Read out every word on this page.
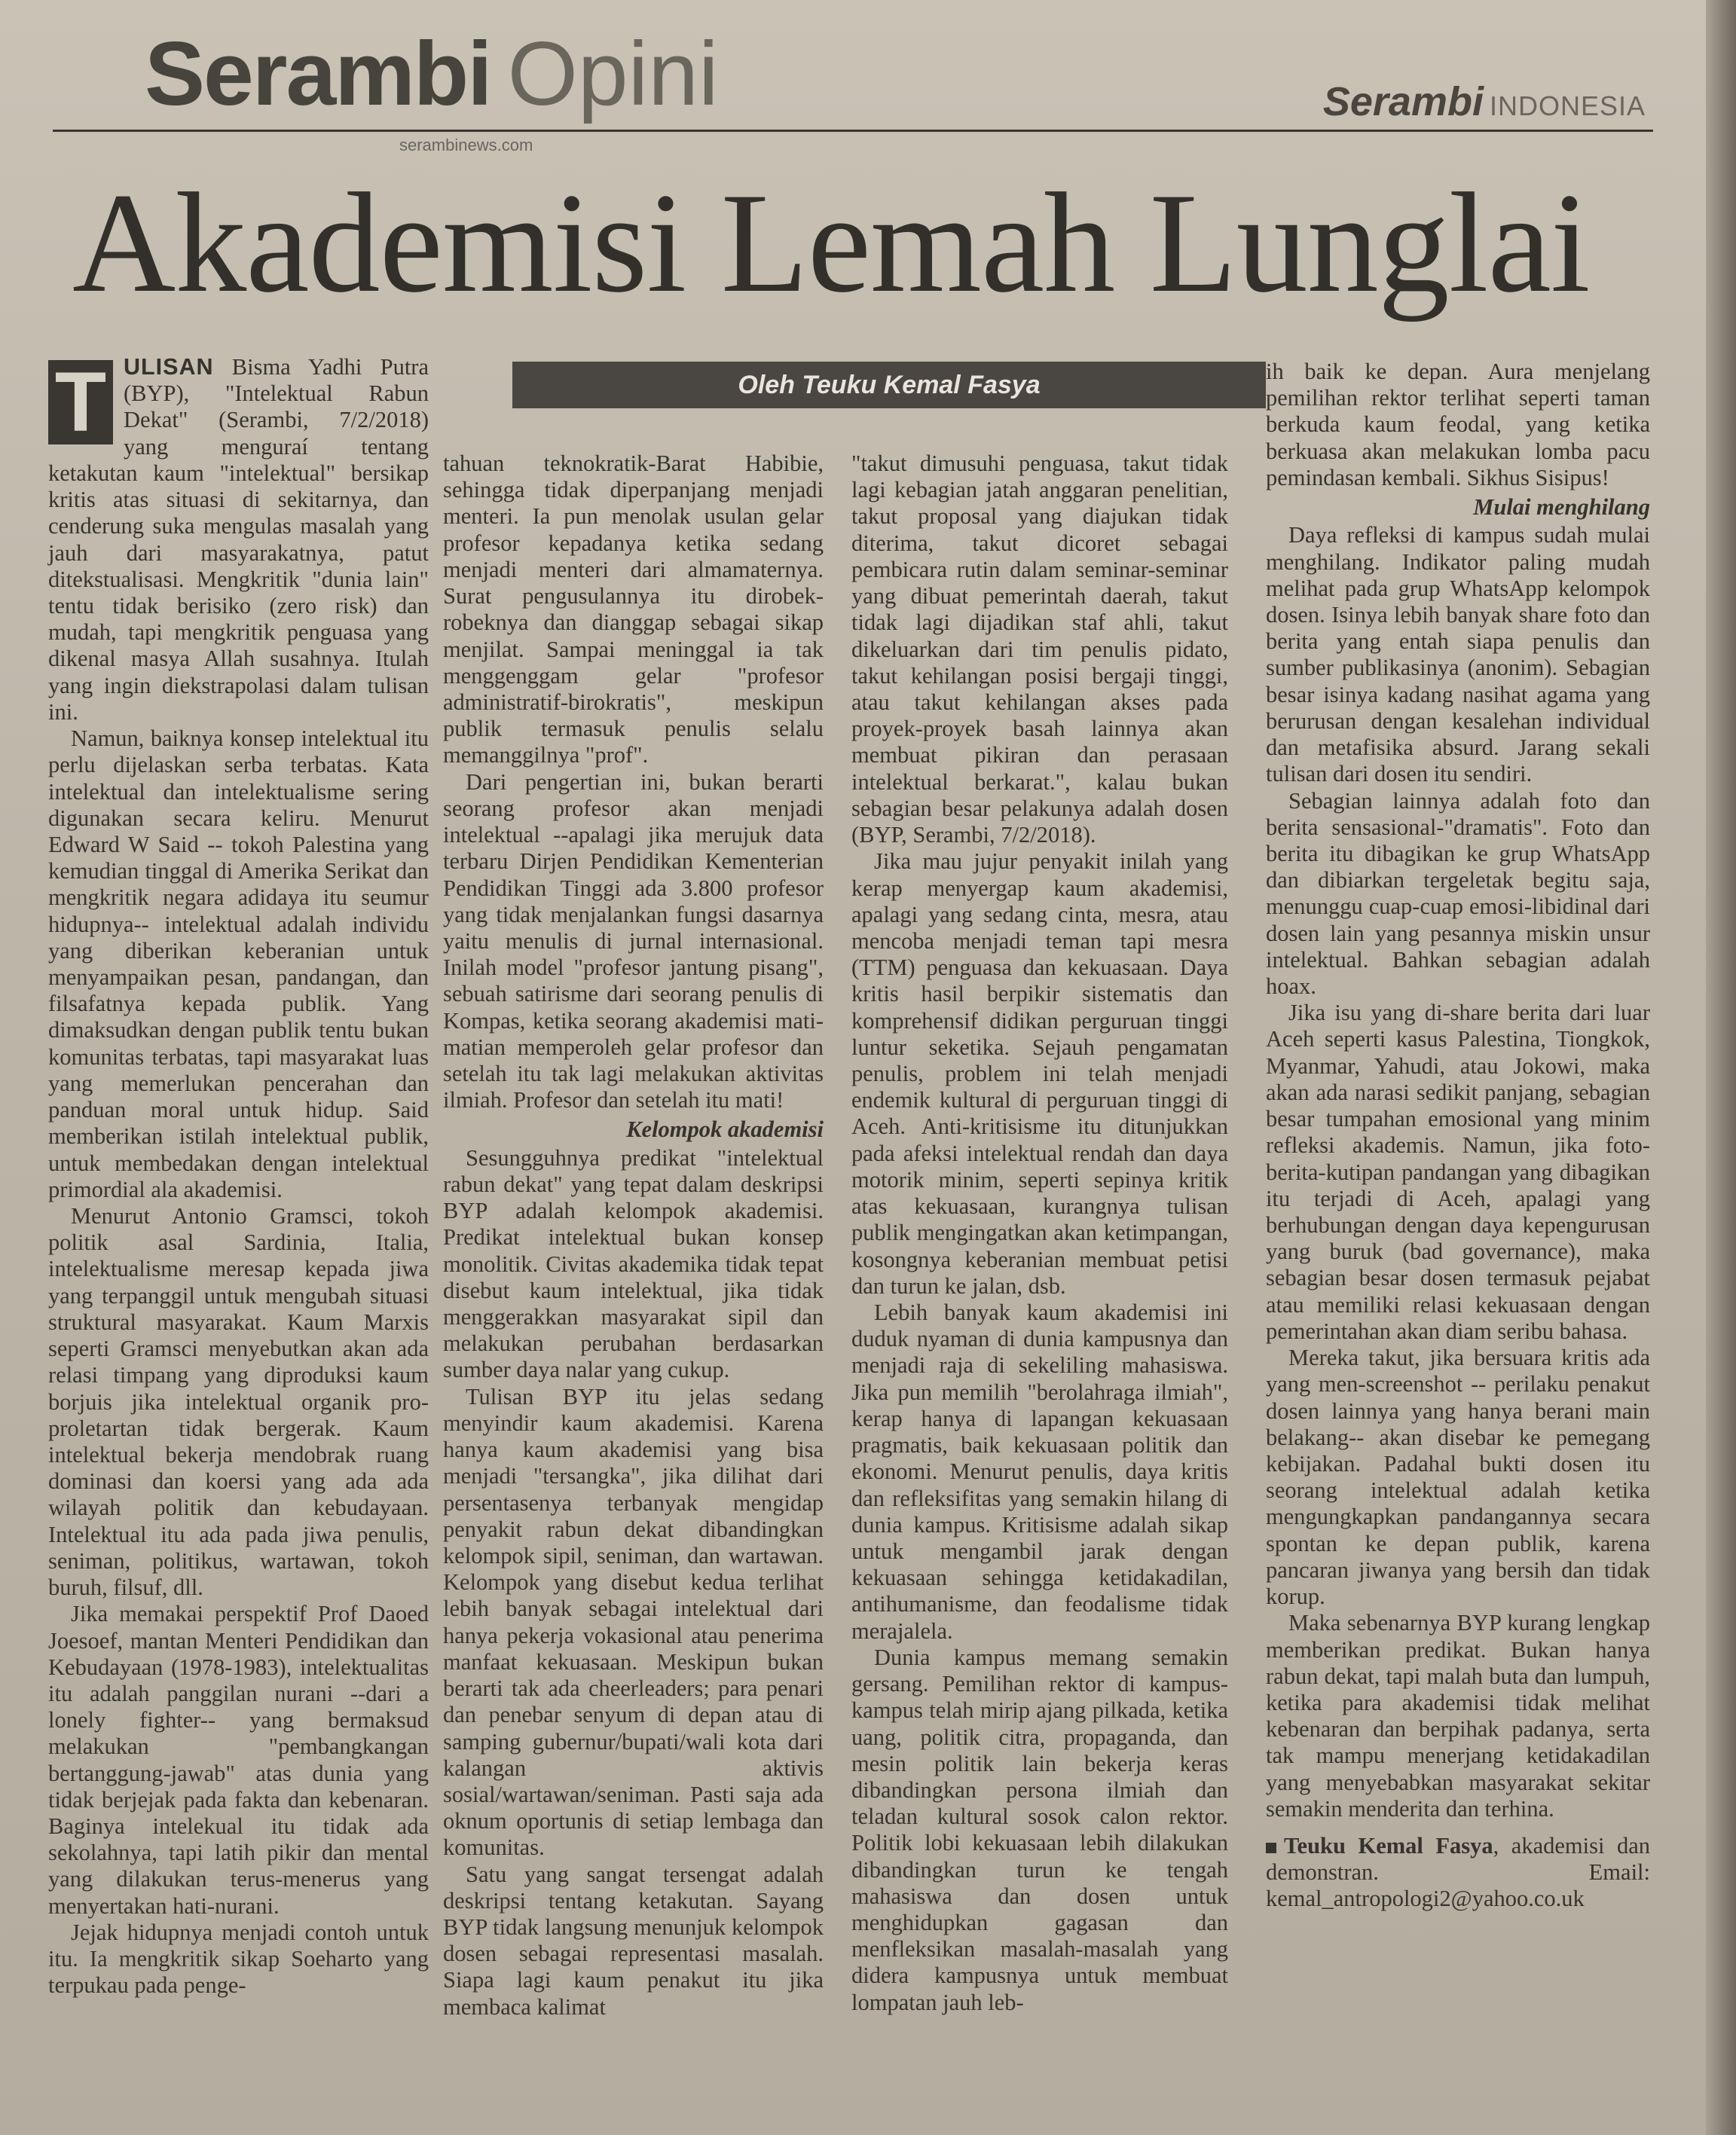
Serambi Opini
serambinews.com
Serambi INDONESIA
Akademisi Lemah Lunglai
Oleh Teuku Kemal Fasya

T ULISAN Bisma Yadhi Putra (BYP), "Intelektual Rabun Dekat" (Serambi, 7/2/2018) yang menguraí tentang ketakutan kaum "intelektual" bersikap kritis atas situasi di sekitarnya, dan cenderung suka mengulas masalah yang jauh dari masyarakatnya, patut ditekstualisasi. Mengkritik "dunia lain" tentu tidak berisiko (zero risk) dan mudah, tapi mengkritik penguasa yang dikenal masya Allah susahnya. Itulah yang ingin diekstrapolasi dalam tulisan ini.

Namun, baiknya konsep intelektual itu perlu dijelaskan serba terbatas. Kata intelektual dan intelektualisme sering digunakan secara keliru. Menurut Edward W Said -- tokoh Palestina yang kemudian tinggal di Amerika Serikat dan mengkritik negara adidaya itu seumur hidupnya-- intelektual adalah individu yang diberikan keberanian untuk menyampaikan pesan, pandangan, dan filsafatnya kepada publik. Yang dimaksudkan dengan publik tentu bukan komunitas terbatas, tapi masyarakat luas yang memerlukan pencerahan dan panduan moral untuk hidup. Said memberikan istilah intelektual publik, untuk membedakan dengan intelektual primordial ala akademisi.

Menurut Antonio Gramsci, tokoh politik asal Sardinia, Italia, intelektualisme meresap kepada jiwa yang terpanggil untuk mengubah situasi struktural masyarakat. Kaum Marxis seperti Gramsci menyebutkan akan ada relasi timpang yang diproduksi kaum borjuis jika intelektual organik pro-proletartan tidak bergerak. Kaum intelektual bekerja mendobrak ruang dominasi dan koersi yang ada ada wilayah politik dan kebudayaan. Intelektual itu ada pada jiwa penulis, seniman, politikus, wartawan, tokoh buruh, filsuf, dll.

Jika memakai perspektif Prof Daoed Joesoef, mantan Menteri Pendidikan dan Kebudayaan (1978-1983), intelektualitas itu adalah panggilan nurani --dari a lonely fighter-- yang bermaksud melakukan "pembangkangan bertanggung-jawab" atas dunia yang tidak berjejak pada fakta dan kebenaran. Baginya intelekual itu tidak ada sekolahnya, tapi latih pikir dan mental yang dilakukan terus-menerus yang menyertakan hati-nurani.

Jejak hidupnya menjadi contoh untuk itu. Ia mengkritik sikap Soeharto yang terpukau pada penge-

tahuan teknokratik-Barat Habibie, sehingga tidak diperpanjang menjadi menteri. Ia pun menolak usulan gelar profesor kepadanya ketika sedang menjadi menteri dari almamaternya. Surat pengusulannya itu dirobek-robeknya dan dianggap sebagai sikap menjilat. Sampai meninggal ia tak menggenggam gelar "profesor administratif-birokratis", meskipun publik termasuk penulis selalu memanggilnya "prof".

Dari pengertian ini, bukan berarti seorang profesor akan menjadi intelektual --apalagi jika merujuk data terbaru Dirjen Pendidikan Kementerian Pendidikan Tinggi ada 3.800 profesor yang tidak menjalankan fungsi dasarnya yaitu menulis di jurnal internasional. Inilah model "profesor jantung pisang", sebuah satirisme dari seorang penulis di Kompas, ketika seorang akademisi mati-matian memperoleh gelar profesor dan setelah itu tak lagi melakukan aktivitas ilmiah. Profesor dan setelah itu mati!

Kelompok akademisi

Sesungguhnya predikat "intelektual rabun dekat" yang tepat dalam deskripsi BYP adalah kelompok akademisi. Predikat intelektual bukan konsep monolitik. Civitas akademika tidak tepat disebut kaum intelektual, jika tidak menggerakkan masyarakat sipil dan melakukan perubahan berdasarkan sumber daya nalar yang cukup.

Tulisan BYP itu jelas sedang menyindir kaum akademisi. Karena hanya kaum akademisi yang bisa menjadi "tersangka", jika dilihat dari persentasenya terbanyak mengidap penyakit rabun dekat dibandingkan kelompok sipil, seniman, dan wartawan. Kelompok yang disebut kedua terlihat lebih banyak sebagai intelektual dari hanya pekerja vokasional atau penerima manfaat kekuasaan. Meskipun bukan berarti tak ada cheerleaders; para penari dan penebar senyum di depan atau di samping gubernur/bupati/wali kota dari kalangan aktivis sosial/wartawan/seniman. Pasti saja ada oknum oportunis di setiap lembaga dan komunitas.

Satu yang sangat tersengat adalah deskripsi tentang ketakutan. Sayang BYP tidak langsung menunjuk kelompok dosen sebagai representasi masalah. Siapa lagi kaum penakut itu jika membaca kalimat

"takut dimusuhi penguasa, takut tidak lagi kebagian jatah anggaran penelitian, takut proposal yang diajukan tidak diterima, takut dicoret sebagai pembicara rutin dalam seminar-seminar yang dibuat pemerintah daerah, takut tidak lagi dijadikan staf ahli, takut dikeluarkan dari tim penulis pidato, takut kehilangan posisi bergaji tinggi, atau takut kehilangan akses pada proyek-proyek basah lainnya akan membuat pikiran dan perasaan intelektual berkarat.", kalau bukan sebagian besar pelakunya adalah dosen (BYP, Serambi, 7/2/2018).

Jika mau jujur penyakit inilah yang kerap menyergap kaum akademisi, apalagi yang sedang cinta, mesra, atau mencoba menjadi teman tapi mesra (TTM) penguasa dan kekuasaan. Daya kritis hasil berpikir sistematis dan komprehensif didikan perguruan tinggi luntur seketika. Sejauh pengamatan penulis, problem ini telah menjadi endemik kultural di perguruan tinggi di Aceh. Anti-kritisisme itu ditunjukkan pada afeksi intelektual rendah dan daya motorik minim, seperti sepinya kritik atas kekuasaan, kurangnya tulisan publik mengingatkan akan ketimpangan, kosongnya keberanian membuat petisi dan turun ke jalan, dsb.

Lebih banyak kaum akademisi ini duduk nyaman di dunia kampusnya dan menjadi raja di sekeliling mahasiswa. Jika pun memilih "berolahraga ilmiah", kerap hanya di lapangan kekuasaan pragmatis, baik kekuasaan politik dan ekonomi. Menurut penulis, daya kritis dan refleksifitas yang semakin hilang di dunia kampus. Kritisisme adalah sikap untuk mengambil jarak dengan kekuasaan sehingga ketidakadilan, antihumanisme, dan feodalisme tidak merajalela.

Dunia kampus memang semakin gersang. Pemilihan rektor di kampus-kampus telah mirip ajang pilkada, ketika uang, politik citra, propaganda, dan mesin politik lain bekerja keras dibandingkan persona ilmiah dan teladan kultural sosok calon rektor. Politik lobi kekuasaan lebih dilakukan dibandingkan turun ke tengah mahasiswa dan dosen untuk menghidupkan gagasan dan menfleksikan masalah-masalah yang didera kampusnya untuk membuat lompatan jauh leb-

ih baik ke depan. Aura menjelang pemilihan rektor terlihat seperti taman berkuda kaum feodal, yang ketika berkuasa akan melakukan lomba pacu pemindasan kembali. Sikhus Sisipus!

Mulai menghilang

Daya refleksi di kampus sudah mulai menghilang. Indikator paling mudah melihat pada grup WhatsApp kelompok dosen. Isinya lebih banyak share foto dan berita yang entah siapa penulis dan sumber publikasinya (anonim). Sebagian besar isinya kadang nasihat agama yang berurusan dengan kesalehan individual dan metafisika absurd. Jarang sekali tulisan dari dosen itu sendiri.

Sebagian lainnya adalah foto dan berita sensasional-"dramatis". Foto dan berita itu dibagikan ke grup WhatsApp dan dibiarkan tergeletak begitu saja, menunggu cuap-cuap emosi-libidinal dari dosen lain yang pesannya miskin unsur intelektual. Bahkan sebagian adalah hoax.

Jika isu yang di-share berita dari luar Aceh seperti kasus Palestina, Tiongkok, Myanmar, Yahudi, atau Jokowi, maka akan ada narasi sedikit panjang, sebagian besar tumpahan emosional yang minim refleksi akademis. Namun, jika foto-berita-kutipan pandangan yang dibagikan itu terjadi di Aceh, apalagi yang berhubungan dengan daya kepengurusan yang buruk (bad governance), maka sebagian besar dosen termasuk pejabat atau memiliki relasi kekuasaan dengan pemerintahan akan diam seribu bahasa.

Mereka takut, jika bersuara kritis ada yang men-screenshot -- perilaku penakut dosen lainnya yang hanya berani main belakang-- akan disebar ke pemegang kebijakan. Padahal bukti dosen itu seorang intelektual adalah ketika mengungkapkan pandangannya secara spontan ke depan publik, karena pancaran jiwanya yang bersih dan tidak korup.

Maka sebenarnya BYP kurang lengkap memberikan predikat. Bukan hanya rabun dekat, tapi malah buta dan lumpuh, ketika para akademisi tidak melihat kebenaran dan berpihak padanya, serta tak mampu menerjang ketidakadilan yang menyebabkan masyarakat sekitar semakin menderita dan terhina.

Teuku Kemal Fasya, akademisi dan demonstran. Email: kemal_antropologi2@yahoo.co.uk
